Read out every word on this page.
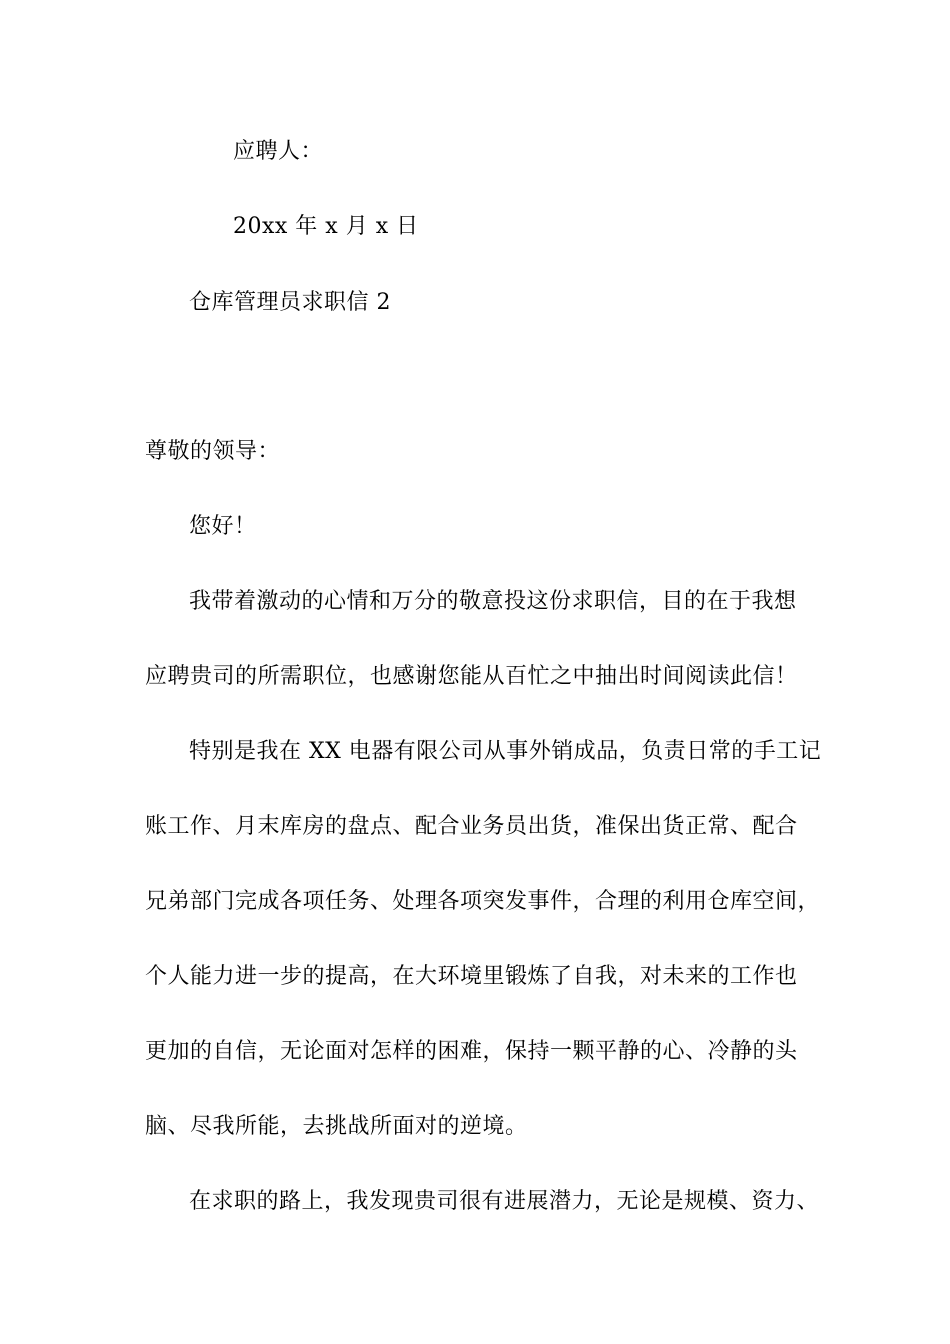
应聘人：
20xx 年 x 月 x 日
仓库管理员求职信 2
尊敬的领导：
您好！
我带着激动的心情和万分的敬意投这份求职信，目的在于我想
应聘贵司的所需职位，也感谢您能从百忙之中抽出时间阅读此信！
特别是我在 XX 电器有限公司从事外销成品，负责日常的手工记
账工作、月末库房的盘点、配合业务员出货，准保出货正常、配合
兄弟部门完成各项任务、处理各项突发事件，合理的利用仓库空间，
个人能力进一步的提高，在大环境里锻炼了自我，对未来的工作也
更加的自信，无论面对怎样的困难，保持一颗平静的心、冷静的头
脑、尽我所能，去挑战所面对的逆境。
在求职的路上，我发现贵司很有进展潜力，无论是规模、资力、
